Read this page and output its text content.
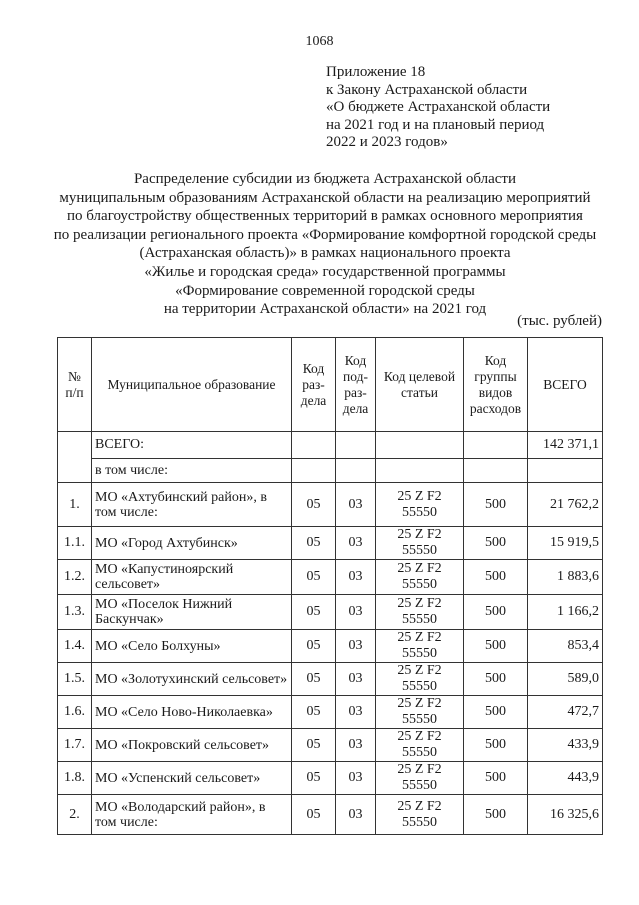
1068
Приложение 18
к Закону Астраханской области
«О бюджете Астраханской области
на 2021 год и на плановый период
2022 и 2023 годов»
Распределение субсидии из бюджета Астраханской области
муниципальным образованиям Астраханской области на реализацию мероприятий
по благоустройству общественных территорий в рамках основного мероприятия
по реализации регионального проекта «Формирование комфортной городской среды
(Астраханская область)» в рамках национального проекта
«Жилье и городская среда» государственной программы
«Формирование современной городской среды
на территории Астраханской области» на 2021 год
(тыс. рублей)
№ п/п	Муниципальное образование	Код раз-дела	Код под-раз-дела	Код целевой статьи	Код группы видов расходов	ВСЕГО
	ВСЕГО:					142 371,1
	в том числе:					
1.	МО «Ахтубинский район», в том числе:	05	03	25 Z F2 55550	500	21 762,2
1.1.	МО «Город Ахтубинск»	05	03	25 Z F2 55550	500	15 919,5
1.2.	МО «Капустиноярский сельсовет»	05	03	25 Z F2 55550	500	1 883,6
1.3.	МО «Поселок Нижний Баскунчак»	05	03	25 Z F2 55550	500	1 166,2
1.4.	МО «Село Болхуны»	05	03	25 Z F2 55550	500	853,4
1.5.	МО «Золотухинский сельсовет»	05	03	25 Z F2 55550	500	589,0
1.6.	МО «Село Ново-Николаевка»	05	03	25 Z F2 55550	500	472,7
1.7.	МО «Покровский сельсовет»	05	03	25 Z F2 55550	500	433,9
1.8.	МО «Успенский сельсовет»	05	03	25 Z F2 55550	500	443,9
2.	МО «Володарский район», в том числе:	05	03	25 Z F2 55550	500	16 325,6
